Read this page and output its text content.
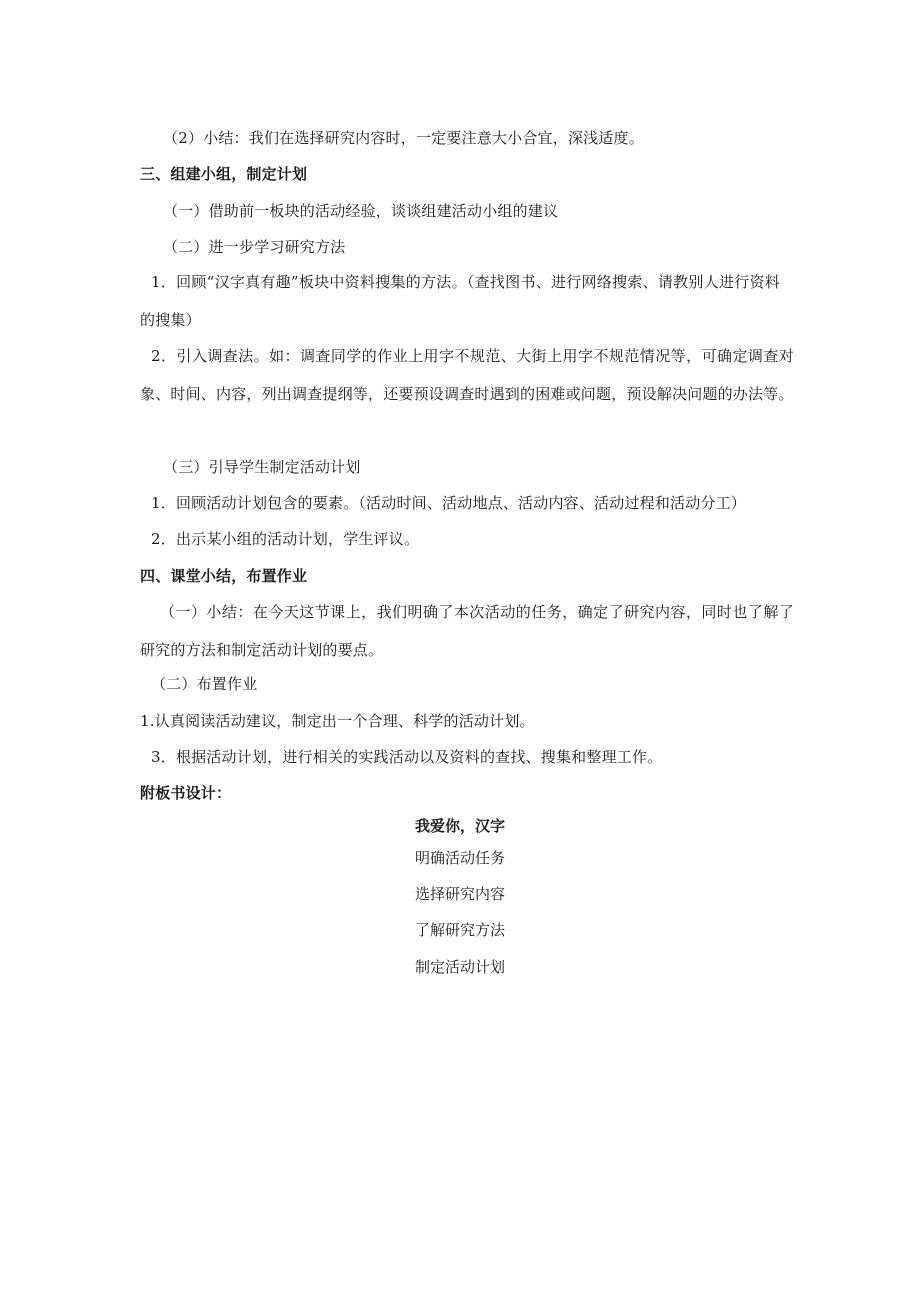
（2）小结：我们在选择研究内容时，一定要注意大小合宜，深浅适度。
三、组建小组，制定计划
（一）借助前一板块的活动经验，谈谈组建活动小组的建议
（二）进一步学习研究方法
1．回顾“汉字真有趣”板块中资料搜集的方法。（查找图书、进行网络搜索、请教别人进行资料的搜集）
2．引入调查法。如：调查同学的作业上用字不规范、大街上用字不规范情况等，可确定调查对象、时间、内容，列出调查提纲等，还要预设调查时遇到的困难或问题，预设解决问题的办法等。
（三）引导学生制定活动计划
1．回顾活动计划包含的要素。（活动时间、活动地点、活动内容、活动过程和活动分工）
2．出示某小组的活动计划，学生评议。
四、课堂小结，布置作业
（一）小结：在今天这节课上，我们明确了本次活动的任务，确定了研究内容，同时也了解了研究的方法和制定活动计划的要点。
（二）布置作业
1.认真阅读活动建议，制定出一个合理、科学的活动计划。
3．根据活动计划，进行相关的实践活动以及资料的查找、搜集和整理工作。
附板书设计：
我爱你，汉字
明确活动任务
选择研究内容
了解研究方法
制定活动计划
